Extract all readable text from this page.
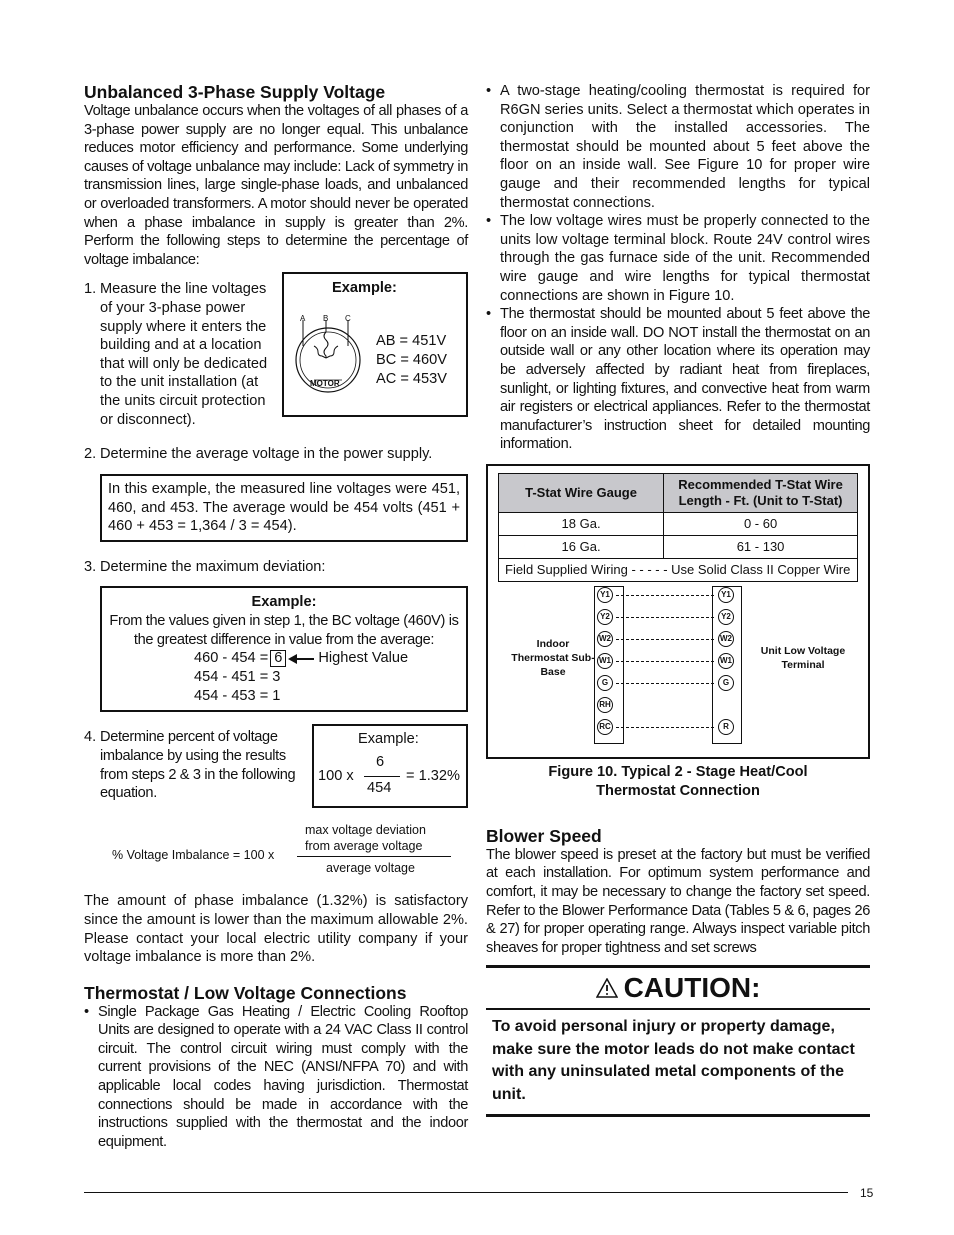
Unbalanced 3-Phase Supply Voltage

Voltage unbalance occurs when the voltages of all phases of a 3-phase power supply are no longer equal. This unbalance reduces motor efficiency and performance. Some underlying causes of voltage unbalance may include: Lack of symmetry in transmission lines, large single-phase loads, and unbalanced or overloaded transformers. A motor should never be operated when a phase imbalance in supply is greater than 2%. Perform the following steps to determine the percentage of voltage imbalance:

1. Measure the line voltages of your 3-phase power supply where it enters the building and at a location that will only be dedicated to the unit installation (at the units circuit protection or disconnect).
Example:
A B C
MOTOR
AB = 451V
BC = 460V
AC = 453V
2. Determine the average voltage in the power supply.

In this example, the measured line voltages were 451, 460, and 453. The average would be 454 volts (451 + 460 + 453 = 1,364 / 3 = 454).

3. Determine the maximum deviation:
Example:
From the values given in step 1, the BC voltage (460V) is the greatest difference in value from the average:
460 - 454 = 6 Highest Value
454 - 451 = 3
454 - 453 = 1
4. Determine percent of voltage imbalance by using the results from steps 2 & 3 in the following equation.
Example:
100 x
6
454
= 1.32%
% Voltage Imbalance = 100 x
max voltage deviation
from average voltage
average voltage

The amount of phase imbalance (1.32%) is satisfactory since the amount is lower than the maximum allowable 2%. Please contact your local electric utility company if your voltage imbalance is more than 2%.

Thermostat / Low Voltage Connections
• Single Package Gas Heating / Electric Cooling Rooftop Units are designed to operate with a 24 VAC Class II control circuit. The control circuit wiring must comply with the current provisions of the NEC (ANSI/NFPA 70) and with applicable local codes having jurisdiction. Thermostat connections should be made in accordance with the instructions supplied with the thermostat and the indoor equipment.
• A two-stage heating/cooling thermostat is required for R6GN series units. Select a thermostat which operates in conjunction with the installed accessories. The thermostat should be mounted about 5 feet above the floor on an inside wall. See Figure 10 for proper wire gauge and their recommended lengths for typical thermostat connections.
• The low voltage wires must be properly connected to the units low voltage terminal block. Route 24V control wires through the gas furnace side of the unit. Recommended wire gauge and wire lengths for typical thermostat connections are shown in Figure 10.
• The thermostat should be mounted about 5 feet above the floor on an inside wall. DO NOT install the thermostat on an outside wall or any other location where its operation may be adversely affected by radiant heat from fireplaces, sunlight, or lighting fixtures, and convective heat from warm air registers or electrical appliances. Refer to the thermostat manufacturer’s instruction sheet for detailed mounting information.
T-Stat Wire Gauge	Recommended T-Stat Wire Length - Ft. (Unit to T-Stat)
18 Ga.	0 - 60
16 Ga.	61 - 130
Field Supplied Wiring - - - - - Use Solid Class II Copper Wire	
Indoor Thermostat Sub-Base
Unit Low Voltage Terminal
Y1
Y2
W2
W1
G
RH
RC
Y1
Y2
W2
W1
G
R
Figure 10. Typical 2 - Stage Heat/Cool
Thermostat Connection
Blower Speed

The blower speed is preset at the factory but must be verified at each installation. For optimum system performance and comfort, it may be necessary to change the factory set speed. Refer to the Blower Performance Data (Tables 5 & 6, pages 26 & 27) for proper operating range. Always inspect variable pitch sheaves for proper tightness and set screws

CAUTION:
To avoid personal injury or property damage, make sure the motor leads do not make contact with any uninsulated metal components of the unit.
15
